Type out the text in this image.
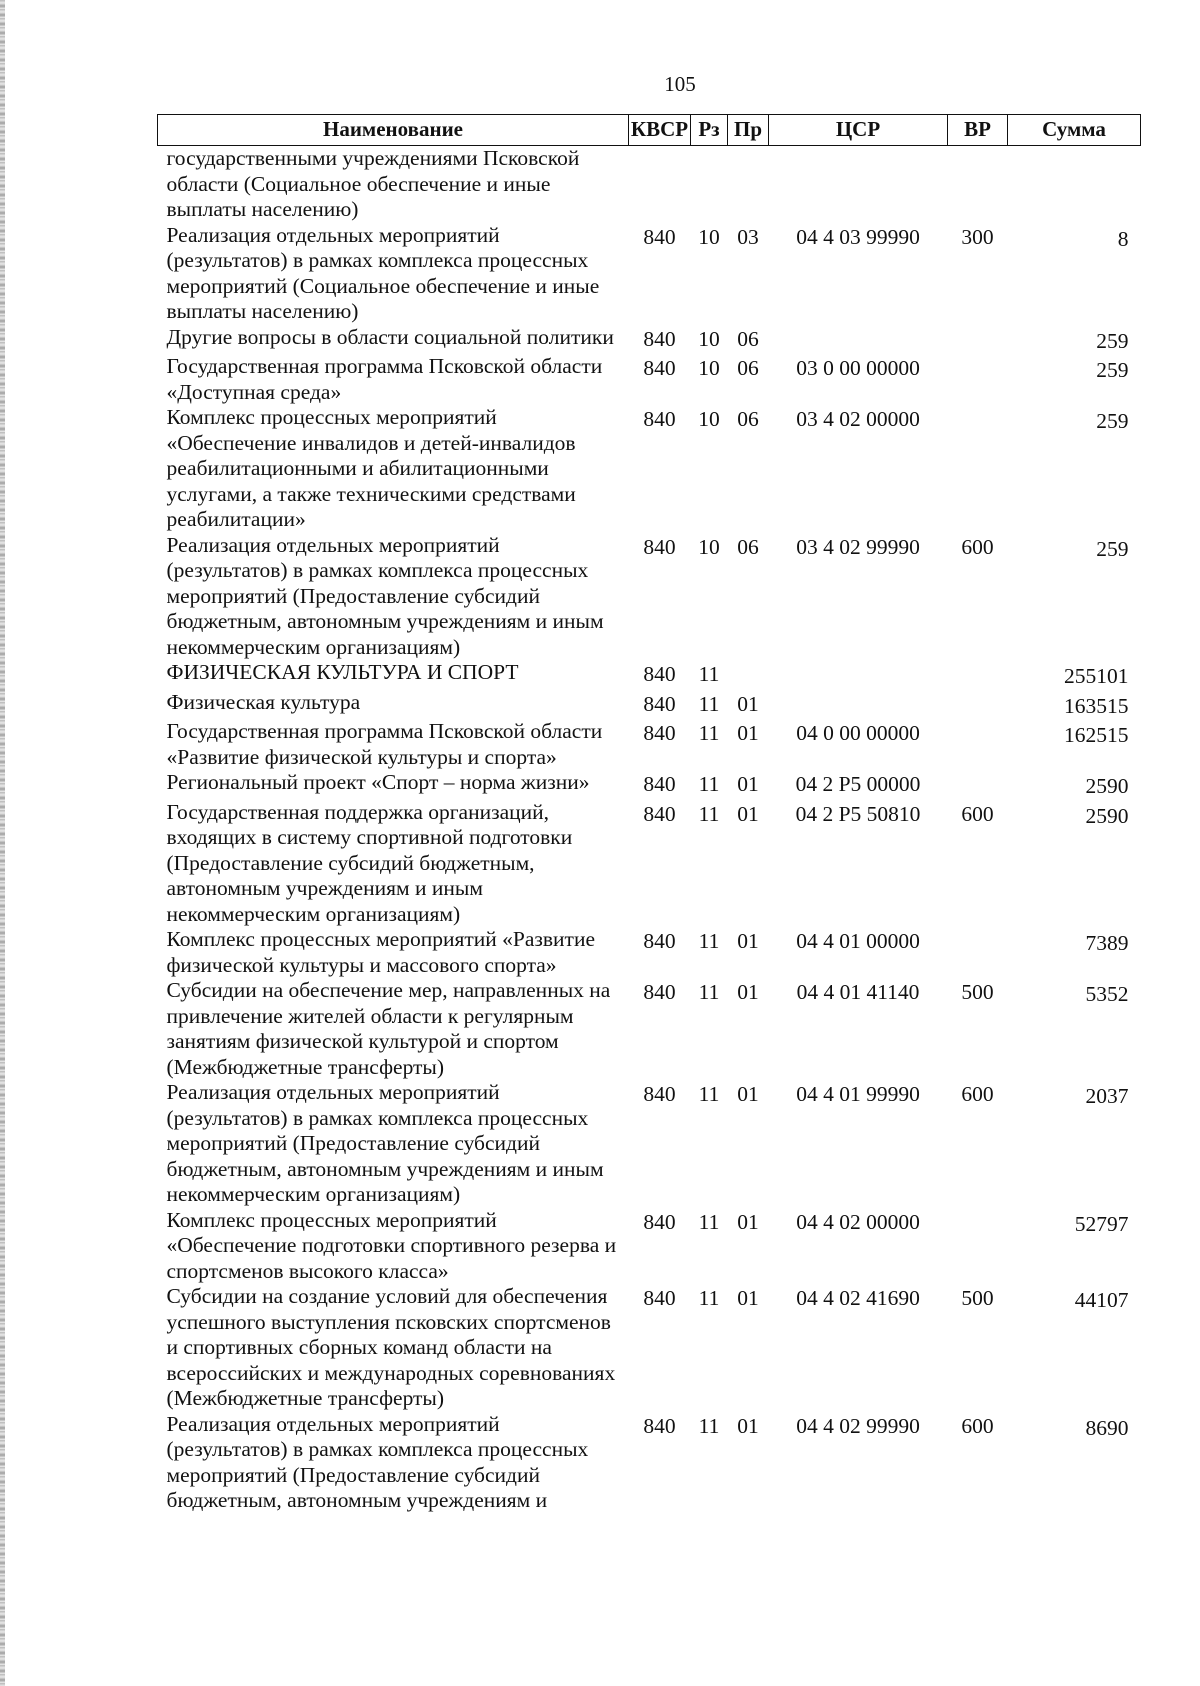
105
Наименование	КВСР	Рз	Пр	ЦСР	ВР	Сумма
государственными учреждениями Псковской области (Социальное обеспечение и иные выплаты населению)						
Реализация отдельных мероприятий (результатов) в рамках комплекса процессных мероприятий (Социальное обеспечение и иные выплаты населению)	840	10	03	04 4 03 99990	300	8
Другие вопросы в области социальной политики	840	10	06			259
Государственная программа Псковской области «Доступная среда»	840	10	06	03 0 00 00000		259
Комплекс процессных мероприятий «Обеспечение инвалидов и детей-инвалидов реабилитационными и абилитационными услугами, а также техническими средствами реабилитации»	840	10	06	03 4 02 00000		259
Реализация отдельных мероприятий (результатов) в рамках комплекса процессных мероприятий (Предоставление субсидий бюджетным, автономным учреждениям и иным некоммерческим организациям)	840	10	06	03 4 02 99990	600	259
ФИЗИЧЕСКАЯ КУЛЬТУРА И СПОРТ	840	11				255101
Физическая культура	840	11	01			163515
Государственная программа Псковской области «Развитие физической культуры и спорта»	840	11	01	04 0 00 00000		162515
Региональный проект «Спорт – норма жизни»	840	11	01	04 2 P5 00000		2590
Государственная поддержка организаций, входящих в систему спортивной подготовки (Предоставление субсидий бюджетным, автономным учреждениям и иным некоммерческим организациям)	840	11	01	04 2 P5 50810	600	2590
Комплекс процессных мероприятий «Развитие физической культуры и массового спорта»	840	11	01	04 4 01 00000		7389
Субсидии на обеспечение мер, направленных на привлечение жителей области к регулярным занятиям физической культурой и спортом (Межбюджетные трансферты)	840	11	01	04 4 01 41140	500	5352
Реализация отдельных мероприятий (результатов) в рамках комплекса процессных мероприятий (Предоставление субсидий бюджетным, автономным учреждениям и иным некоммерческим организациям)	840	11	01	04 4 01 99990	600	2037
Комплекс процессных мероприятий «Обеспечение подготовки спортивного резерва и спортсменов высокого класса»	840	11	01	04 4 02 00000		52797
Субсидии на создание условий для обеспечения успешного выступления псковских спортсменов и спортивных сборных команд области на всероссийских и международных соревнованиях (Межбюджетные трансферты)	840	11	01	04 4 02 41690	500	44107
Реализация отдельных мероприятий (результатов) в рамках комплекса процессных мероприятий (Предоставление субсидий бюджетным, автономным учреждениям и	840	11	01	04 4 02 99990	600	8690
